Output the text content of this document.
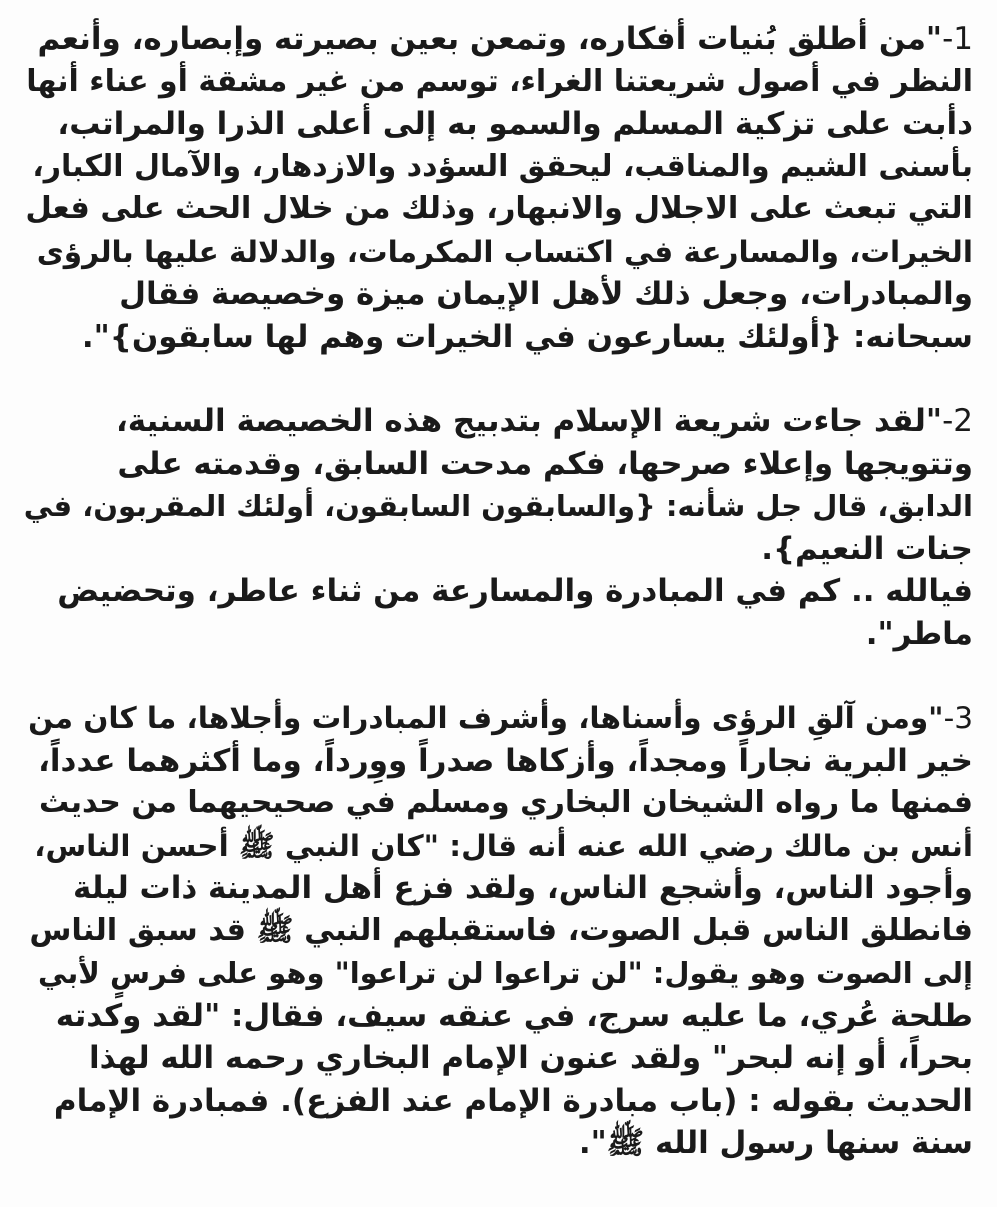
1-"من أطلق بُنيات أفكاره، وتمعن بعين بصيرته وإبصاره، وأنعم
النظر في أصول شريعتنا الغراء، توسم من غير مشقة أو عناء أنها
دأبت على تزكية المسلم والسمو به إلى أعلى الذرا والمراتب،
بأسنى الشيم والمناقب، ليحقق السؤدد والازدهار، والآمال الكبار،
التي تبعث على الاجلال والانبهار، وذلك من خلال الحث على فعل
الخيرات، والمسارعة في اكتساب المكرمات، والدلالة عليها بالرؤى
والمبادرات، وجعل ذلك لأهل الإيمان ميزة وخصيصة فقال
سبحانه: {أولئك يسارعون في الخيرات وهم لها سابقون}".
2-"لقد جاءت شريعة الإسلام بتدبيج هذه الخصيصة السنية،
وتتويجها وإعلاء صرحها، فكم مدحت السابق، وقدمته على
الدابق، قال جل شأنه: {والسابقون السابقون، أولئك المقربون، في
جنات النعيم}.
فيالله .. كم في المبادرة والمسارعة من ثناء عاطر، وتحضيض
ماطر".
3-"ومن آلقِ الرؤى وأسناها، وأشرف المبادرات وأجلاها، ما كان من
خير البرية نجاراً ومجداً، وأزكاها صدراً ووِرداً، وما أكثرهما عدداً،
فمنها ما رواه الشيخان البخاري ومسلم في صحيحيهما من حديث
أنس بن مالك رضي الله عنه أنه قال: "كان النبي ﷺ أحسن الناس،
وأجود الناس، وأشجع الناس، ولقد فزع أهل المدينة ذات ليلة
فانطلق الناس قبل الصوت، فاستقبلهم النبي ﷺ قد سبق الناس
إلى الصوت وهو يقول: "لن تراعوا لن تراعوا" وهو على فرسٍ لأبي
طلحة عُري، ما عليه سرج، في عنقه سيف، فقال: "لقد وكدته
بحراً، أو إنه لبحر" ولقد عنون الإمام البخاري رحمه الله لهذا
الحديث بقوله : (باب مبادرة الإمام عند الفزع). فمبادرة الإمام
سنة سنها رسول الله ﷺ".
